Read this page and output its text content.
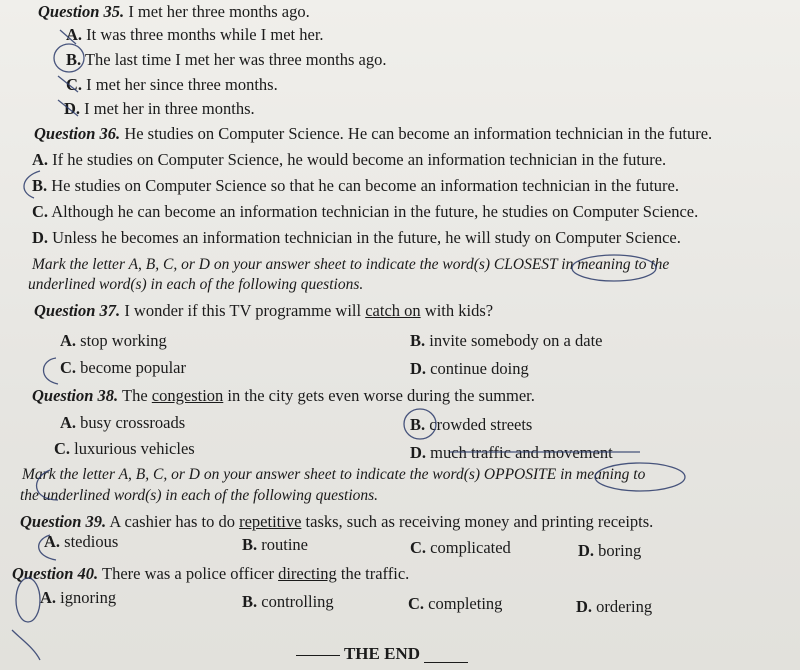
Question 35. I met her three months ago.
A. It was three months while I met her.
B. The last time I met her was three months ago.
C. I met her since three months.
D. I met her in three months.
Question 36. He studies on Computer Science. He can become an information technician in the future.
A. If he studies on Computer Science, he would become an information technician in the future.
B. He studies on Computer Science so that he can become an information technician in the future.
C. Although he can become an information technician in the future, he studies on Computer Science.
D. Unless he becomes an information technician in the future, he will study on Computer Science.
Mark the letter A, B, C, or D on your answer sheet to indicate the word(s) CLOSEST in meaning to the
underlined word(s) in each of the following questions.
Question 37. I wonder if this TV programme will catch on with kids?
A. stop working	B. invite somebody on a date
C. become popular	D. continue doing
Question 38. The congestion in the city gets even worse during the summer.
A. busy crossroads	B. crowded streets
C. luxurious vehicles	D. much traffic and movement
Mark the letter A, B, C, or D on your answer sheet to indicate the word(s) OPPOSITE in meaning to
the underlined word(s) in each of the following questions.
Question 39. A cashier has to do repetitive tasks, such as receiving money and printing receipts.
A. stedious	B. routine	C. complicated	D. boring
Question 40. There was a police officer directing the traffic.
A. ignoring	B. controlling	C. completing	D. ordering
THE END
